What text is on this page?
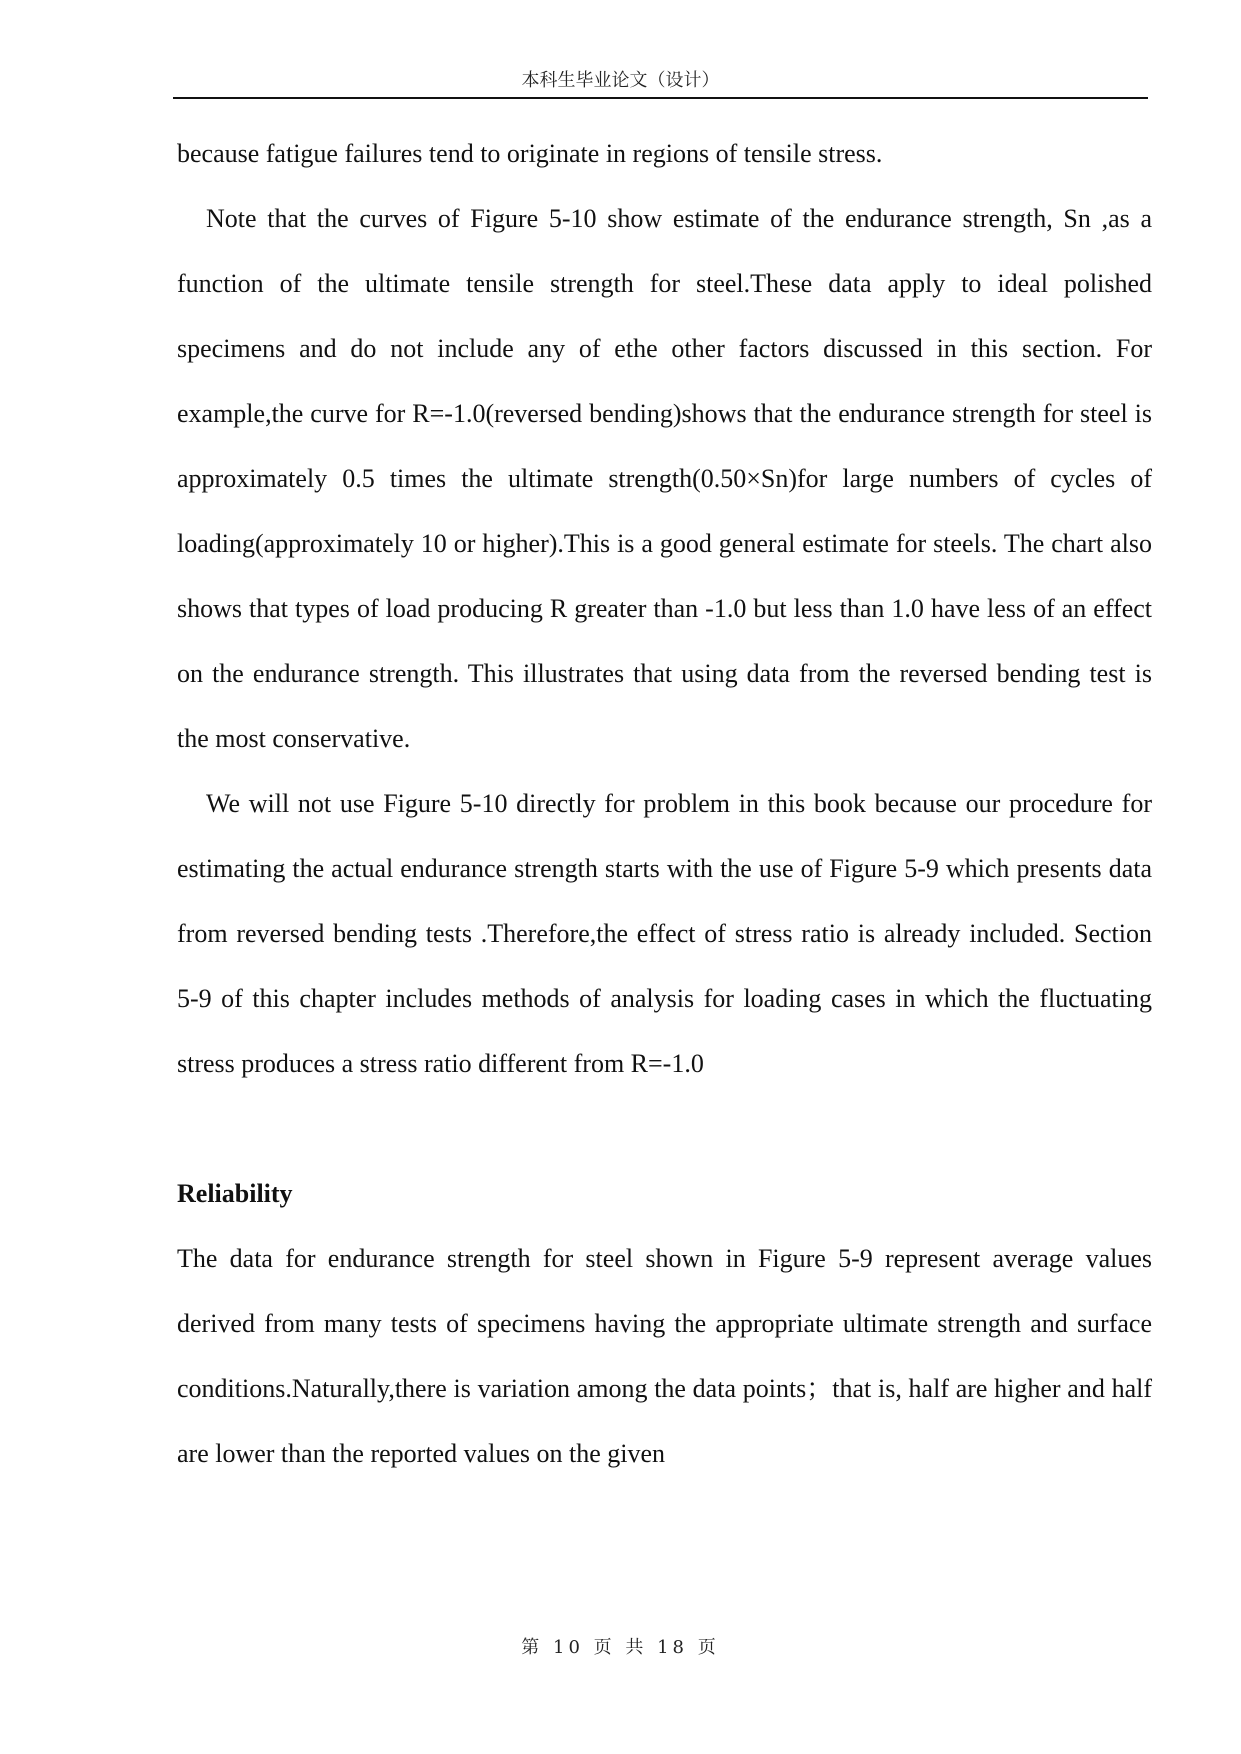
本科生毕业论文（设计）

because fatigue failures tend to originate in regions of tensile stress.

Note that the curves of Figure 5-10 show estimate of the endurance strength, Sn ,as a function of the ultimate tensile strength for steel.These data apply to ideal polished specimens and do not include any of ethe other factors discussed in this section. For example,the curve for R=-1.0(reversed bending)shows that the endurance strength for steel is approximately 0.5 times the ultimate strength(0.50×Sn)for large numbers of cycles of loading(approximately 10 or higher).This is a good general estimate for steels. The chart also shows that types of load producing R greater than -1.0 but less than 1.0 have less of an effect on the endurance strength. This illustrates that using data from the reversed bending test is the most conservative.

We will not use Figure 5-10 directly for problem in this book because our procedure for estimating the actual endurance strength starts with the use of Figure 5-9 which presents data from reversed bending tests .Therefore,the effect of stress ratio is already included. Section 5-9 of this chapter includes methods of analysis for loading cases in which the fluctuating stress produces a stress ratio different from R=-1.0

Reliability

The data for endurance strength for steel shown in Figure 5-9 represent average values derived from many tests of specimens having the appropriate ultimate strength and surface conditions.Naturally,there is variation among the data points；that is, half are higher and half are lower than the reported values on the given

第 10 页 共 18 页
